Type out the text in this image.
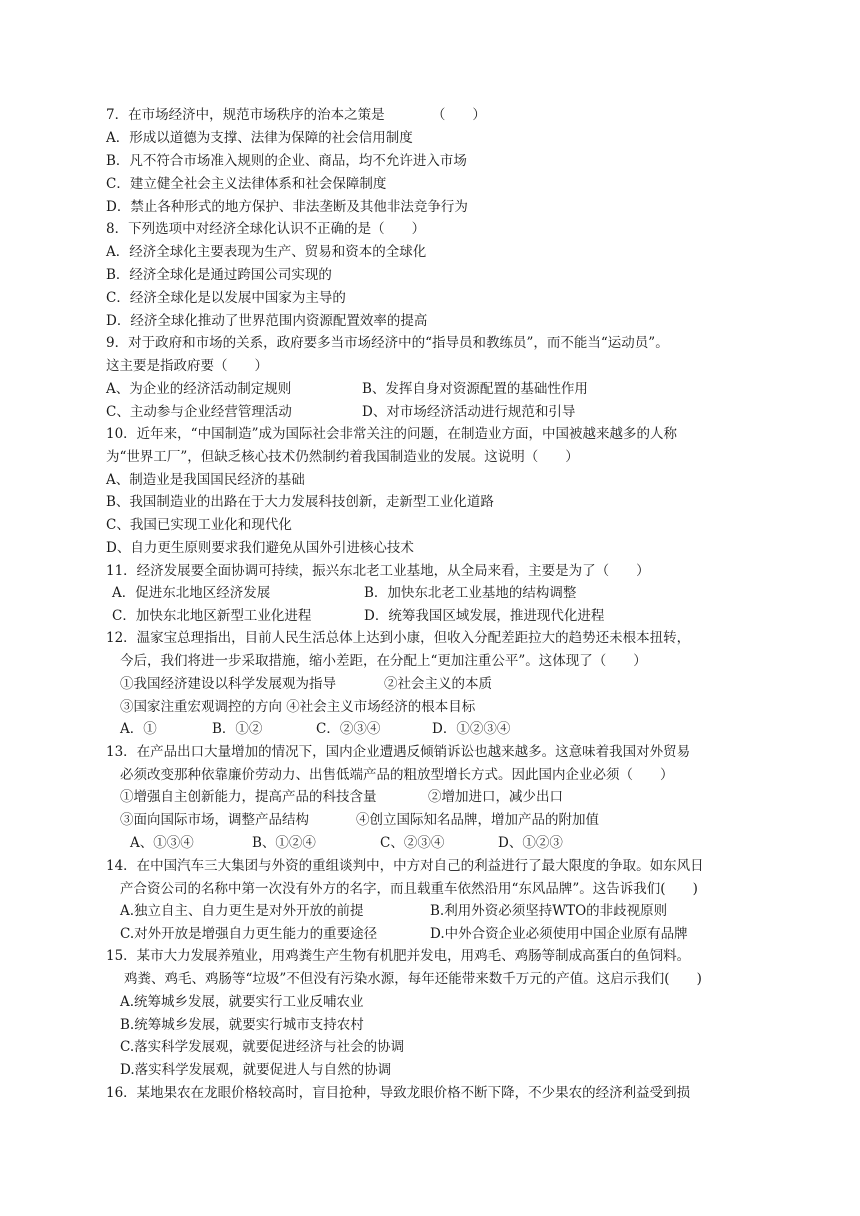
7．在市场经济中，规范市场秩序的治本之策是　　　　（　　）
A．形成以道德为支撑、法律为保障的社会信用制度
B．凡不符合市场准入规则的企业、商品，均不允许进入市场
C．建立健全社会主义法律体系和社会保障制度
D．禁止各种形式的地方保护、非法垄断及其他非法竞争行为
8．下列选项中对经济全球化认识不正确的是（　　）
A．经济全球化主要表现为生产、贸易和资本的全球化
B．经济全球化是通过跨国公司实现的
C．经济全球化是以发展中国家为主导的
D．经济全球化推动了世界范围内资源配置效率的提高
9．对于政府和市场的关系，政府要多当市场经济中的“指导员和教练员”，而不能当“运动员”。
这主要是指政府要（　　）
A、为企业的经济活动制定规则	B、发挥自身对资源配置的基础性作用
C、主动参与企业经营管理活动	D、对市场经济活动进行规范和引导
10．近年来，“中国制造”成为国际社会非常关注的问题，在制造业方面，中国被越来越多的人称
为“世界工厂”，但缺乏核心技术仍然制约着我国制造业的发展。这说明（　　）
A、制造业是我国国民经济的基础
B、我国制造业的出路在于大力发展科技创新，走新型工业化道路
C、我国已实现工业化和现代化
D、自力更生原则要求我们避免从国外引进核心技术
11．经济发展要全面协调可持续，振兴东北老工业基地，从全局来看，主要是为了（　　）
A．促进东北地区经济发展	B．加快东北老工业基地的结构调整
C．加快东北地区新型工业化进程	D．统筹我国区域发展，推进现代化进程
12．温家宝总理指出，目前人民生活总体上达到小康，但收入分配差距拉大的趋势还未根本扭转，
今后，我们将进一步采取措施，缩小差距，在分配上“更加注重公平”。这体现了（　　）
①我国经济建设以科学发展观为指导	②社会主义的本质
③国家注重宏观调控的方向 ④社会主义市场经济的根本目标
A．①	B．①②	C．②③④	D．①②③④
13．在产品出口大量增加的情况下，国内企业遭遇反倾销诉讼也越来越多。这意味着我国对外贸易
必须改变那种依靠廉价劳动力、出售低端产品的粗放型增长方式。因此国内企业必须（　　）
①增强自主创新能力，提高产品的科技含量	②增加进口，减少出口
③面向国际市场，调整产品结构	④创立国际知名品牌，增加产品的附加值
A、①③④	B、①②④	C、②③④	D、①②③
14．在中国汽车三大集团与外资的重组谈判中，中方对自己的利益进行了最大限度的争取。如东风日
产合资公司的名称中第一次没有外方的名字，而且载重车依然沿用“东风品牌”。这告诉我们(　　)
A.独立自主、自力更生是对外开放的前提	B.利用外资必须坚持WTO的非歧视原则
C.对外开放是增强自力更生能力的重要途径	D.中外合资企业必须使用中国企业原有品牌
15．某市大力发展养殖业，用鸡粪生产生物有机肥并发电，用鸡毛、鸡肠等制成高蛋白的鱼饲料。
鸡粪、鸡毛、鸡肠等“垃圾”不但没有污染水源，每年还能带来数千万元的产值。这启示我们(　　)
A.统筹城乡发展，就要实行工业反哺农业
B.统筹城乡发展，就要实行城市支持农村
C.落实科学发展观，就要促进经济与社会的协调
D.落实科学发展观，就要促进人与自然的协调
16．某地果农在龙眼价格较高时，盲目抢种，导致龙眼价格不断下降，不少果农的经济利益受到损
